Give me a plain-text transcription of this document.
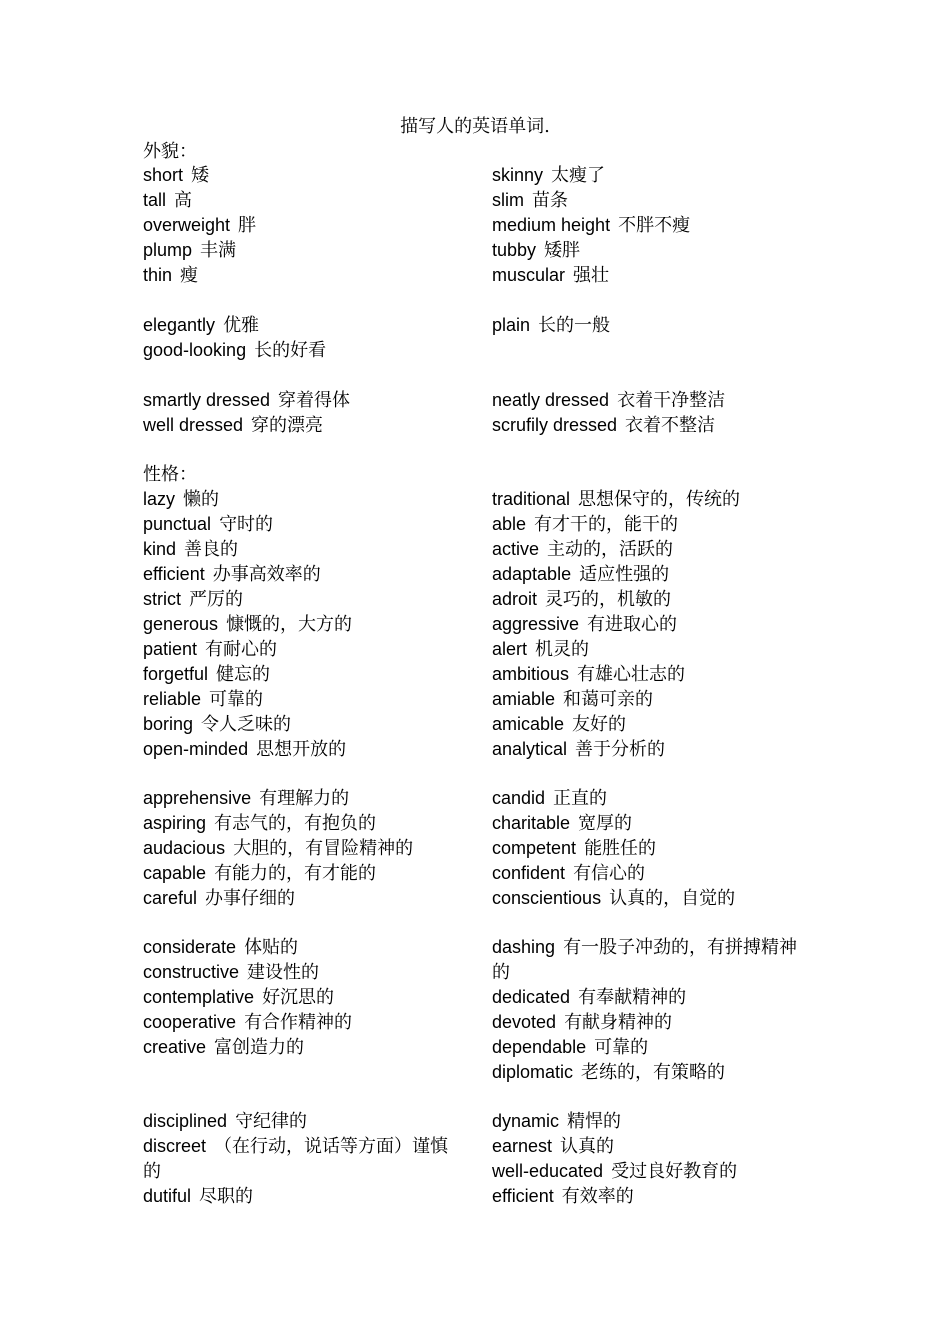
描写人的英语单词.
外貌：
性格：
short 矮
tall 高
overweight 胖
plump 丰满
thin 瘦
skinny 太瘦了
slim 苗条
medium height 不胖不瘦
tubby 矮胖
muscular 强壮
elegantly 优雅
good-looking 长的好看
plain 长的一般
smartly dressed 穿着得体
well dressed 穿的漂亮
neatly dressed 衣着干净整洁
scrufily dressed 衣着不整洁
lazy 懒的
punctual 守时的
kind 善良的
efficient 办事高效率的
strict 严厉的
generous 慷慨的，大方的
patient 有耐心的
forgetful 健忘的
reliable 可靠的
boring 令人乏味的
open-minded 思想开放的
traditional 思想保守的，传统的
able 有才干的，能干的
active 主动的，活跃的
adaptable 适应性强的
adroit 灵巧的，机敏的
aggressive 有进取心的
alert 机灵的
ambitious 有雄心壮志的
amiable 和蔼可亲的
amicable 友好的
analytical 善于分析的
apprehensive 有理解力的
aspiring 有志气的，有抱负的
audacious 大胆的，有冒险精神的
capable 有能力的，有才能的
careful 办事仔细的
candid 正直的
charitable 宽厚的
competent 能胜任的
confident 有信心的
conscientious 认真的，自觉的
considerate 体贴的
constructive 建设性的
contemplative 好沉思的
cooperative 有合作精神的
creative 富创造力的
dashing 有一股子冲劲的，有拼搏精神的
dedicated 有奉献精神的
devoted 有献身精神的
dependable 可靠的
diplomatic 老练的，有策略的
disciplined 守纪律的
discreet （在行动，说话等方面）谨慎的
dutiful 尽职的
dynamic 精悍的
earnest 认真的
well-educated 受过良好教育的
efficient 有效率的
